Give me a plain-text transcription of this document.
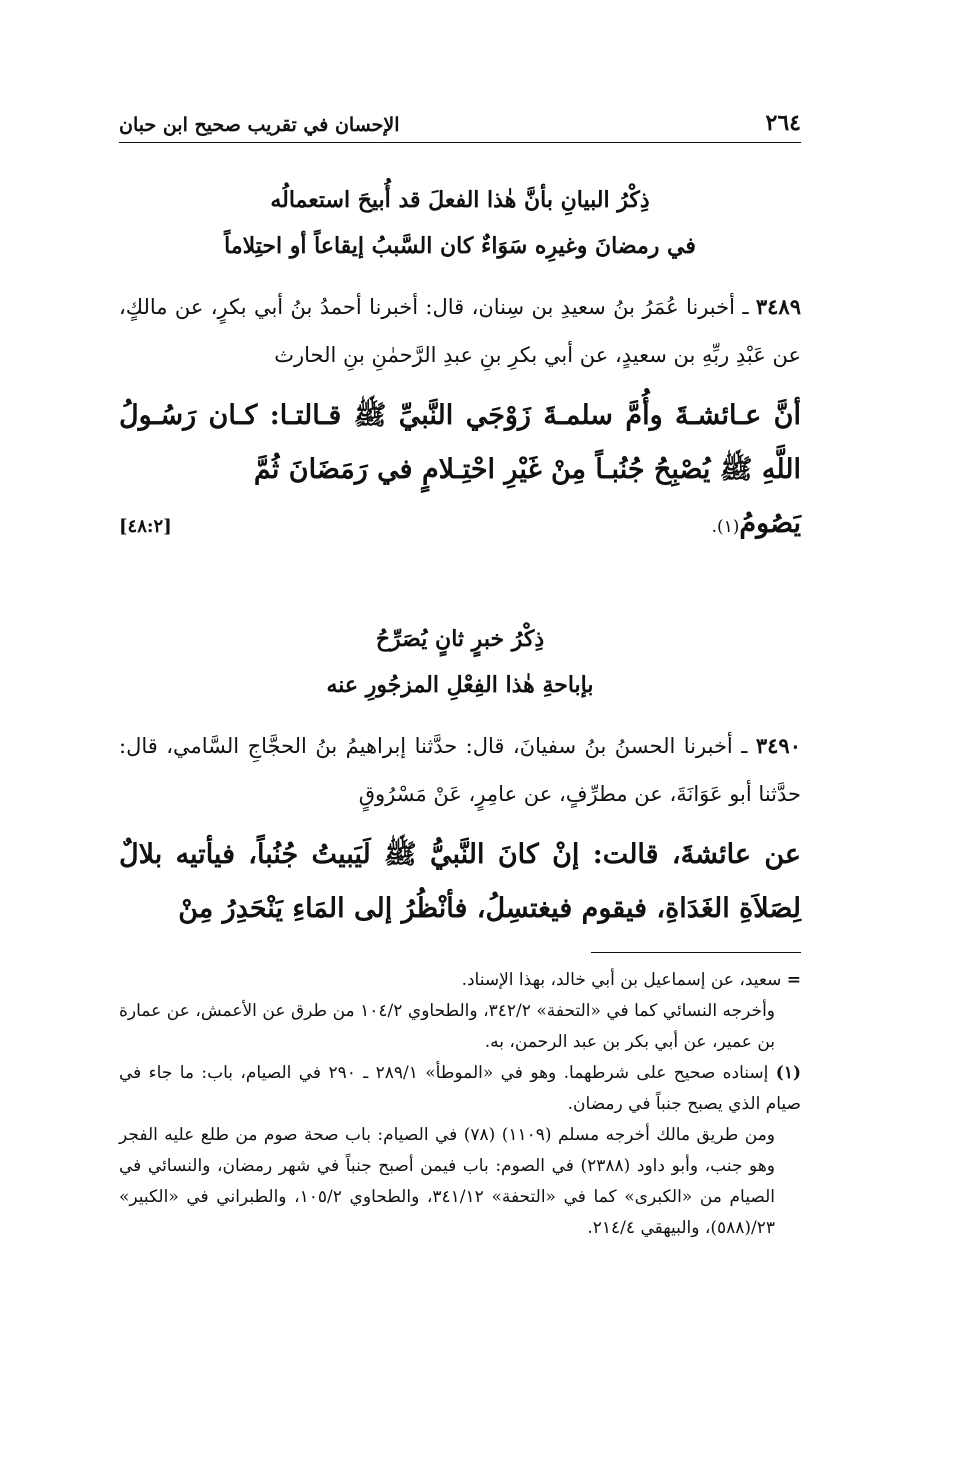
٢٦٤
الإحسان في تقريب صحيح ابن حبان

ذِكْرُ البيانِ بأنَّ هٰذا الفعلَ قد أُبيحَ استعمالُه

في رمضانَ وغيرِه سَوَاءٌ كان السَّببُ إيقاعاً أو احتِلاماً

٣٤٨٩ ـ أخبرنا عُمَرُ بنُ سعيدِ بن سِنان، قال: أخبرنا أحمدُ بنُ أبي بكرٍ، عن مالكٍ، عن عَبْدِ ربِّهِ بن سعيدٍ، عن أبي بكرِ بنِ عبدِ الرَّحمٰنِ بنِ الحارث

أنَّ عـائشـةَ وأُمَّ سلمـةَ زَوْجَي النَّبيِّ ﷺ قـالتـا: كـان رَسُـولُ اللَّهِ ﷺ يُصْبِحُ جُنُبـاً مِنْ غَيْرِ احْتِـلامٍ في رَمَضَانَ ثُمَّ
يَصُومُ(١).
[٤٨:٢]

ذِكْرُ خبرٍ ثانٍ يُصَرِّحُ

بإباحةِ هٰذا الفِعْلِ المزجُورِ عنه

٣٤٩٠ ـ أخبرنا الحسنُ بنُ سفيانَ، قال: حدَّثنا إبراهيمُ بنُ الحجَّاجِ السَّامي، قال: حدَّثنا أبو عَوَانَةَ، عن مطرِّفٍ، عن عامِرٍ، عَنْ مَسْرُوقٍ

عن عائشةَ، قالت: إنْ كانَ النَّبيُّ ﷺ لَيَبيتُ جُنُباً، فيأتيه بلالٌ لِصَلاَةِ الغَدَاةِ، فيقوم فيغتسِلُ، فأنْظُرُ إلى المَاءِ يَنْحَدِرُ مِنْ

= سعيد، عن إسماعيل بن أبي خالد، بهذا الإسناد.

وأخرجه النسائي كما في «التحفة» ٣٤٢/٢، والطحاوي ١٠٤/٢ من طرق عن الأعمش، عن عمارة بن عمير، عن أبي بكر بن عبد الرحمن، به.

(١) إسناده صحيح على شرطهما. وهو في «الموطأ» ٢٨٩/١ ـ ٢٩٠ في الصيام، باب: ما جاء في صيام الذي يصبح جنباً في رمضان.

ومن طريق مالك أخرجه مسلم (١١٠٩) (٧٨) في الصيام: باب صحة صوم من طلع عليه الفجر وهو جنب، وأبو داود (٢٣٨٨) في الصوم: باب فيمن أصبح جنباً في شهر رمضان، والنسائي في الصيام من «الكبرى» كما في «التحفة» ٣٤١/١٢، والطحاوي ١٠٥/٢، والطبراني في «الكبير» ٢٣/(٥٨٨)، والبيهقي ٢١٤/٤.
